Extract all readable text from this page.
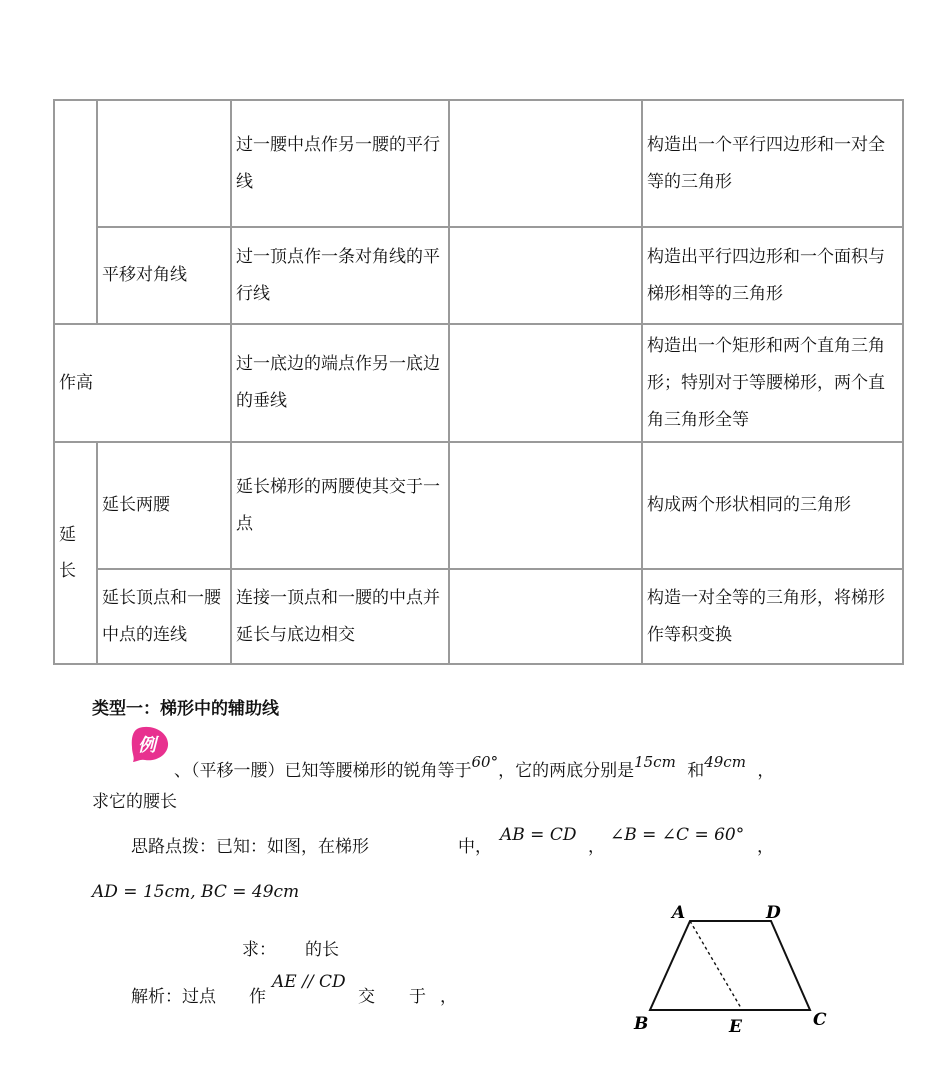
		过一腰中点作另一腰的平行线		构造出一个平行四边形和一对全等的三角形
	平移对角线	过一顶点作一条对角线的平行线		构造出平行四边形和一个面积与梯形相等的三角形
作高		过一底边的端点作另一底边的垂线		构造出一个矩形和两个直角三角形；特别对于等腰梯形，两个直角三角形全等

延长	延长两腰	延长梯形的两腰使其交于一点		构成两个形状相同的三角形
	延长顶点和一腰中点的连线	连接一顶点和一腰的中点并延长与底边相交		构造一对全等的三角形，将梯形作等积变换
类型一：梯形中的辅助线
例
、（平移一腰）已知等腰梯形的锐角等于60°，它的两底分别是15cm 和49cm ，
求它的腰长
思路点拨：已知：如图，在梯形	中，
AB = CD
，
∠B = ∠C = 60°
，
AD = 15cm, BC = 49cm
求： 的长
解析：过点 作
AE // CD
交 于 ，
A	D
B	E	C
